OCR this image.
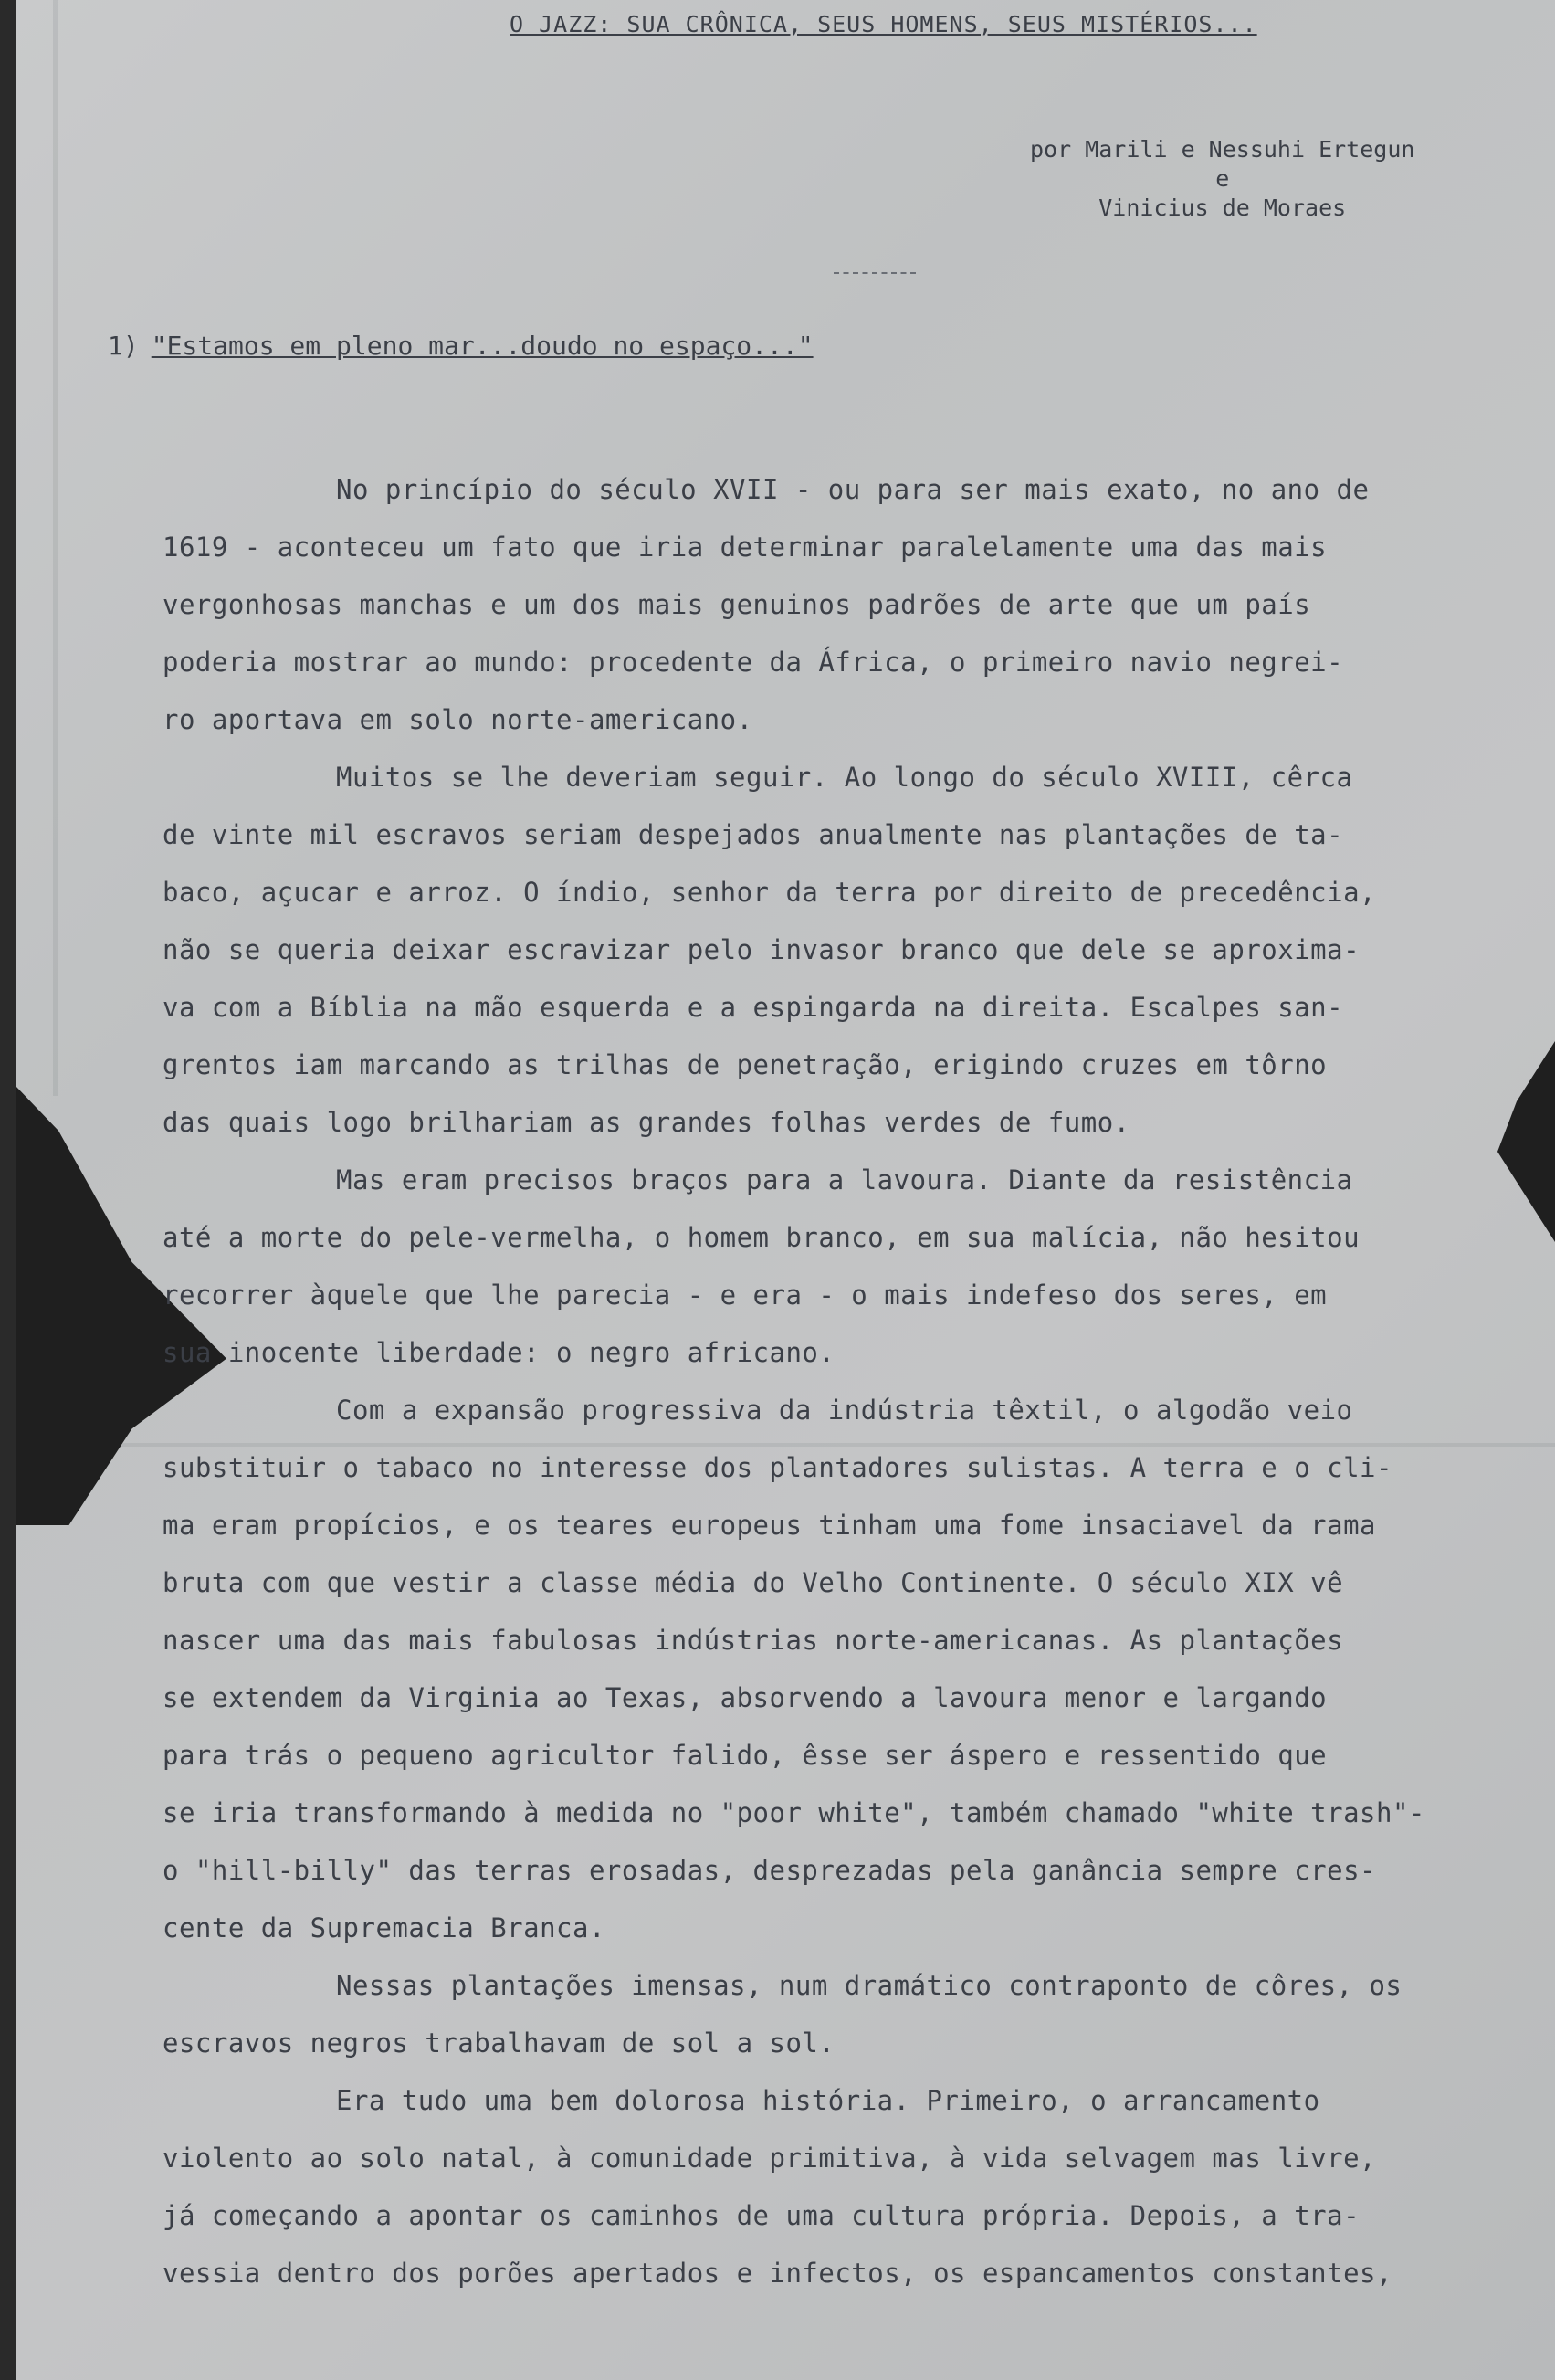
O JAZZ: SUA CRÔNICA, SEUS HOMENS, SEUS MISTÉRIOS...
por Marili e Nessuhi Ertegun
e
Vinicius de Moraes
1) "Estamos em pleno mar...doudo no espaço..."
No princípio do século XVII - ou para ser mais exato, no ano de
1619 - aconteceu um fato que iria determinar paralelamente uma das mais
vergonhosas manchas e um dos mais genuinos padrões de arte que um país
poderia mostrar ao mundo: procedente da África, o primeiro navio negrei-
ro aportava em solo norte-americano.
Muitos se lhe deveriam seguir. Ao longo do século XVIII, cêrca
de vinte mil escravos seriam despejados anualmente nas plantações de ta-
baco, açucar e arroz. O índio, senhor da terra por direito de precedência,
não se queria deixar escravizar pelo invasor branco que dele se aproxima-
va com a Bíblia na mão esquerda e a espingarda na direita. Escalpes san-
grentos iam marcando as trilhas de penetração, erigindo cruzes em tôrno
das quais logo brilhariam as grandes folhas verdes de fumo.
Mas eram precisos braços para a lavoura. Diante da resistência
até a morte do pele-vermelha, o homem branco, em sua malícia, não hesitou
recorrer àquele que lhe parecia - e era - o mais indefeso dos seres, em
sua inocente liberdade: o negro africano.
Com a expansão progressiva da indústria têxtil, o algodão veio
substituir o tabaco no interesse dos plantadores sulistas. A terra e o cli-
ma eram propícios, e os teares europeus tinham uma fome insaciavel da rama
bruta com que vestir a classe média do Velho Continente. O século XIX vê
nascer uma das mais fabulosas indústrias norte-americanas. As plantações
se extendem da Virginia ao Texas, absorvendo a lavoura menor e largando
para trás o pequeno agricultor falido, êsse ser áspero e ressentido que
se iria transformando à medida no "poor white", também chamado "white trash"-
o "hill-billy" das terras erosadas, desprezadas pela ganância sempre cres-
cente da Supremacia Branca.
Nessas plantações imensas, num dramático contraponto de côres, os
escravos negros trabalhavam de sol a sol.
Era tudo uma bem dolorosa história. Primeiro, o arrancamento
violento ao solo natal, à comunidade primitiva, à vida selvagem mas livre,
já começando a apontar os caminhos de uma cultura própria. Depois, a tra-
vessia dentro dos porões apertados e infectos, os espancamentos constantes,
